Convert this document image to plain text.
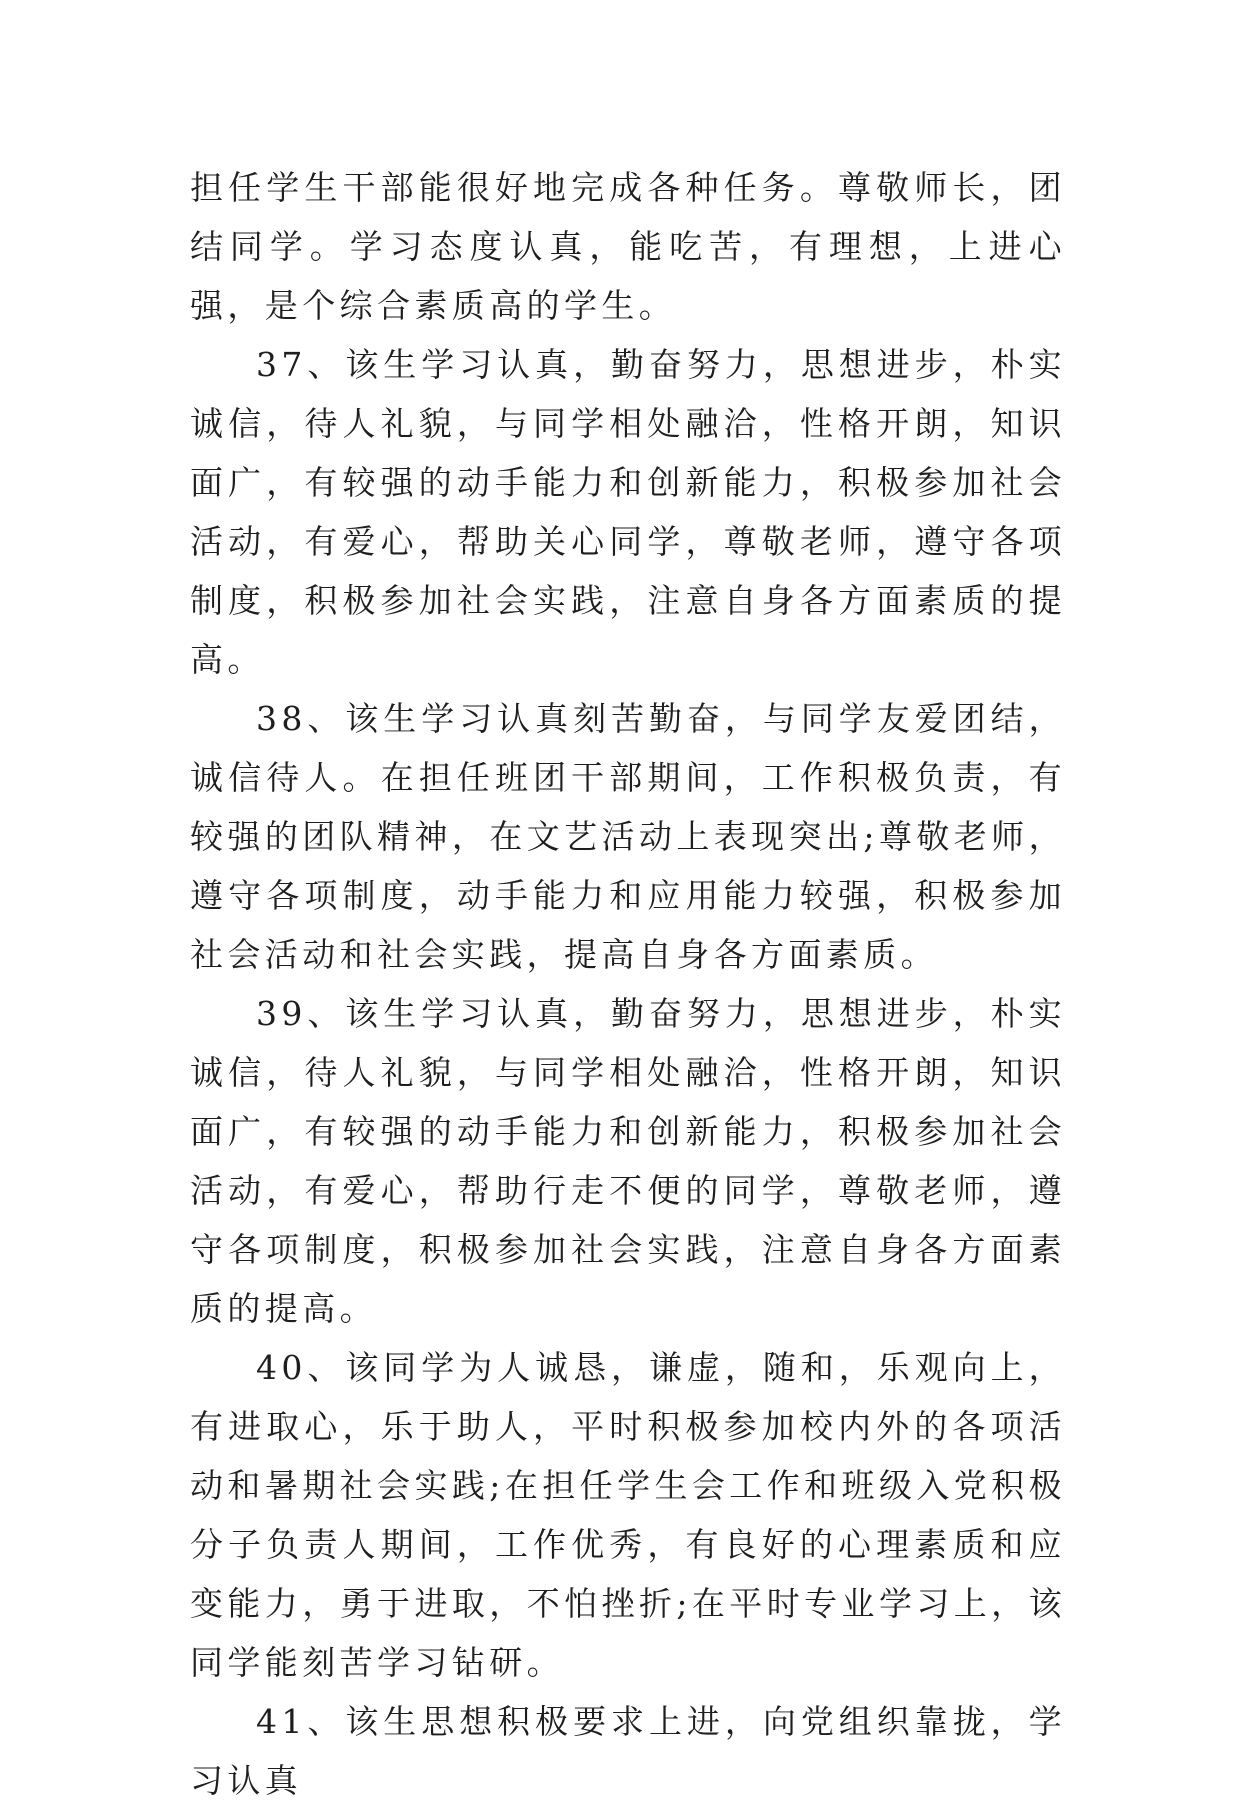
担任学生干部能很好地完成各种任务。尊敬师长，团结同学。学习态度认真，能吃苦，有理想，上进心强，是个综合素质高的学生。

37、该生学习认真，勤奋努力，思想进步，朴实诚信，待人礼貌，与同学相处融洽，性格开朗，知识面广，有较强的动手能力和创新能力，积极参加社会活动，有爱心，帮助关心同学，尊敬老师，遵守各项制度，积极参加社会实践，注意自身各方面素质的提高。

38、该生学习认真刻苦勤奋，与同学友爱团结，诚信待人。在担任班团干部期间，工作积极负责，有较强的团队精神，在文艺活动上表现突出;尊敬老师，遵守各项制度，动手能力和应用能力较强，积极参加社会活动和社会实践，提高自身各方面素质。

39、该生学习认真，勤奋努力，思想进步，朴实诚信，待人礼貌，与同学相处融洽，性格开朗，知识面广，有较强的动手能力和创新能力，积极参加社会活动，有爱心，帮助行走不便的同学，尊敬老师，遵守各项制度，积极参加社会实践，注意自身各方面素质的提高。

40、该同学为人诚恳，谦虚，随和，乐观向上，有进取心，乐于助人，平时积极参加校内外的各项活动和暑期社会实践;在担任学生会工作和班级入党积极分子负责人期间，工作优秀，有良好的心理素质和应变能力，勇于进取，不怕挫折;在平时专业学习上，该同学能刻苦学习钻研。

41、该生思想积极要求上进，向党组织靠拢，学习认真
